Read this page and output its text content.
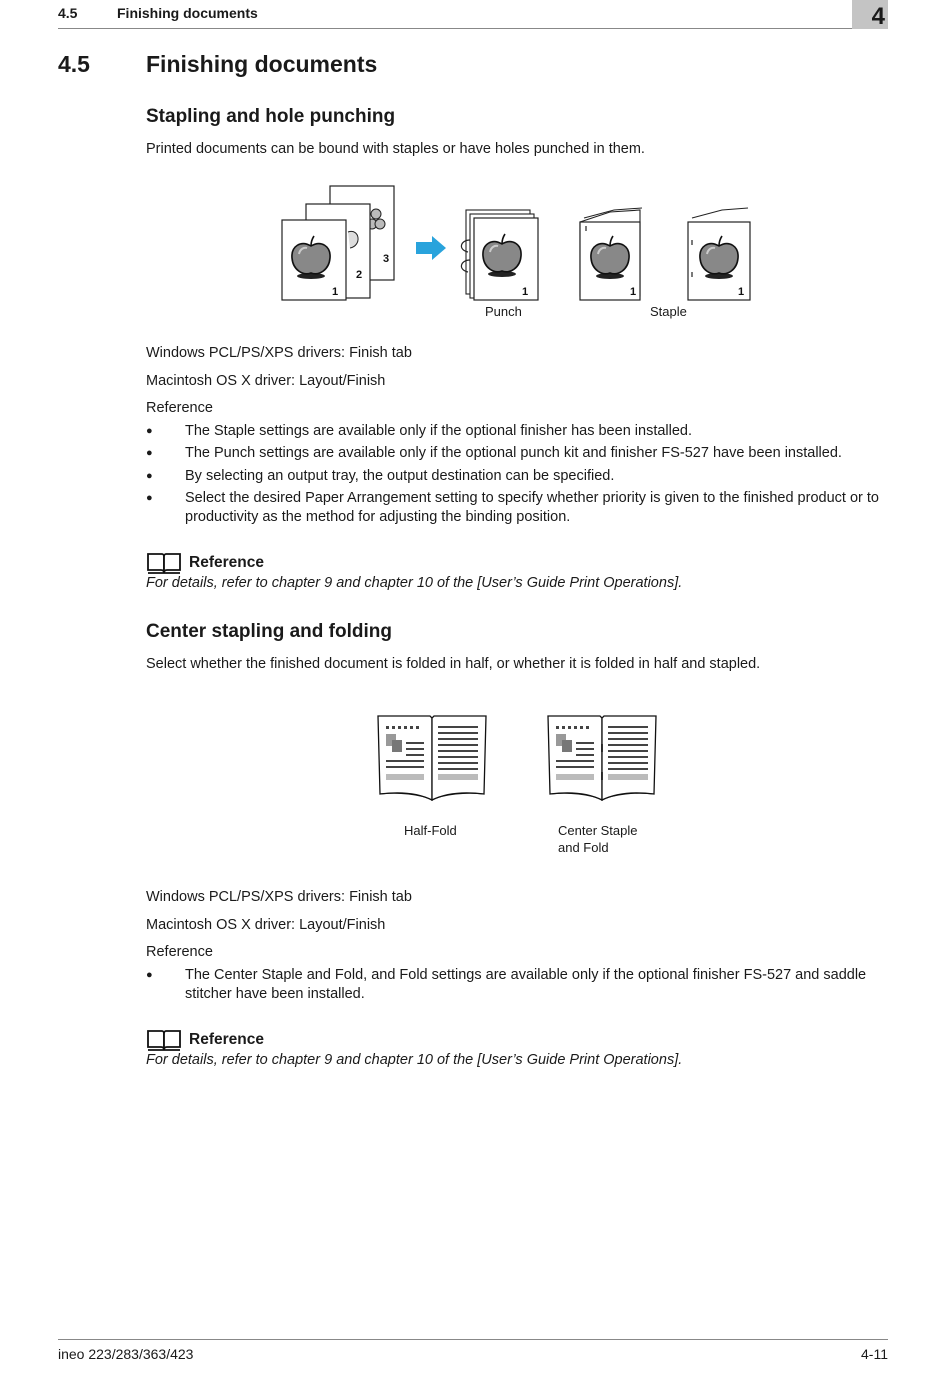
4.5	Finishing documents	4
4.5 Finishing documents
Stapling and hole punching
Printed documents can be bound with staples or have holes punched in them.
3
2
1	1	1	1
Punch	Staple
Windows PCL/PS/XPS drivers: Finish tab
Macintosh OS X driver: Layout/Finish
Reference
● The Staple settings are available only if the optional finisher has been installed.
● The Punch settings are available only if the optional punch kit and finisher FS-527 have been installed.
● By selecting an output tray, the output destination can be specified.
● Select the desired Paper Arrangement setting to specify whether priority is given to the finished product or to productivity as the method for adjusting the binding position.
Reference
For details, refer to chapter 9 and chapter 10 of the [User’s Guide Print Operations].
Center stapling and folding
Select whether the finished document is folded in half, or whether it is folded in half and stapled.
Half-Fold	Center Staple
and Fold
Windows PCL/PS/XPS drivers: Finish tab
Macintosh OS X driver: Layout/Finish
Reference
● The Center Staple and Fold, and Fold settings are available only if the optional finisher FS-527 and saddle stitcher have been installed.
Reference
For details, refer to chapter 9 and chapter 10 of the [User’s Guide Print Operations].
ineo 223/283/363/423	4-11
